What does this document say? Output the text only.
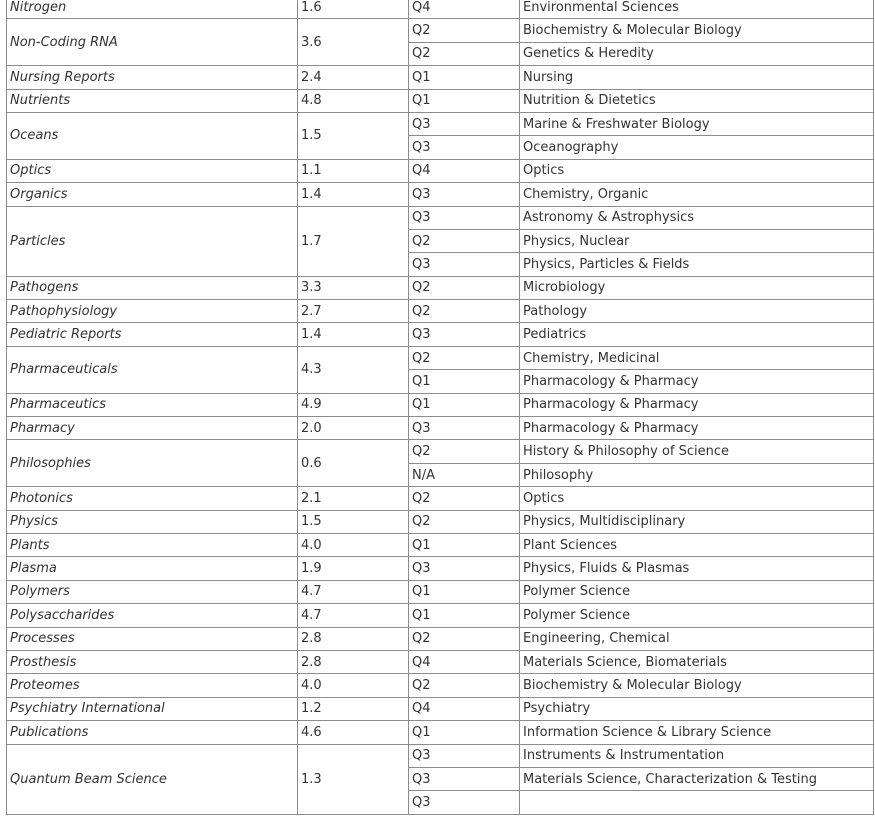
Nitrogen	1.6	Q4	Environmental Sciences
Non-Coding RNA	3.6	Q2	Biochemistry & Molecular Biology
		Q2	Genetics & Heredity
Nursing Reports	2.4	Q1	Nursing
Nutrients	4.8	Q1	Nutrition & Dietetics
Oceans	1.5	Q3	Marine & Freshwater Biology
		Q3	Oceanography
Optics	1.1	Q4	Optics
Organics	1.4	Q3	Chemistry, Organic
Particles	1.7	Q3	Astronomy & Astrophysics
		Q2	Physics, Nuclear
		Q3	Physics, Particles & Fields
Pathogens	3.3	Q2	Microbiology
Pathophysiology	2.7	Q2	Pathology
Pediatric Reports	1.4	Q3	Pediatrics
Pharmaceuticals	4.3	Q2	Chemistry, Medicinal
		Q1	Pharmacology & Pharmacy
Pharmaceutics	4.9	Q1	Pharmacology & Pharmacy
Pharmacy	2.0	Q3	Pharmacology & Pharmacy
Philosophies	0.6	Q2	History & Philosophy of Science
		N/A	Philosophy
Photonics	2.1	Q2	Optics
Physics	1.5	Q2	Physics, Multidisciplinary
Plants	4.0	Q1	Plant Sciences
Plasma	1.9	Q3	Physics, Fluids & Plasmas
Polymers	4.7	Q1	Polymer Science
Polysaccharides	4.7	Q1	Polymer Science
Processes	2.8	Q2	Engineering, Chemical
Prosthesis	2.8	Q4	Materials Science, Biomaterials
Proteomes	4.0	Q2	Biochemistry & Molecular Biology
Psychiatry International	1.2	Q4	Psychiatry
Publications	4.6	Q1	Information Science & Library Science
Quantum Beam Science	1.3	Q3	Instruments & Instrumentation
		Q3	Materials Science, Characterization & Testing
		Q3	
